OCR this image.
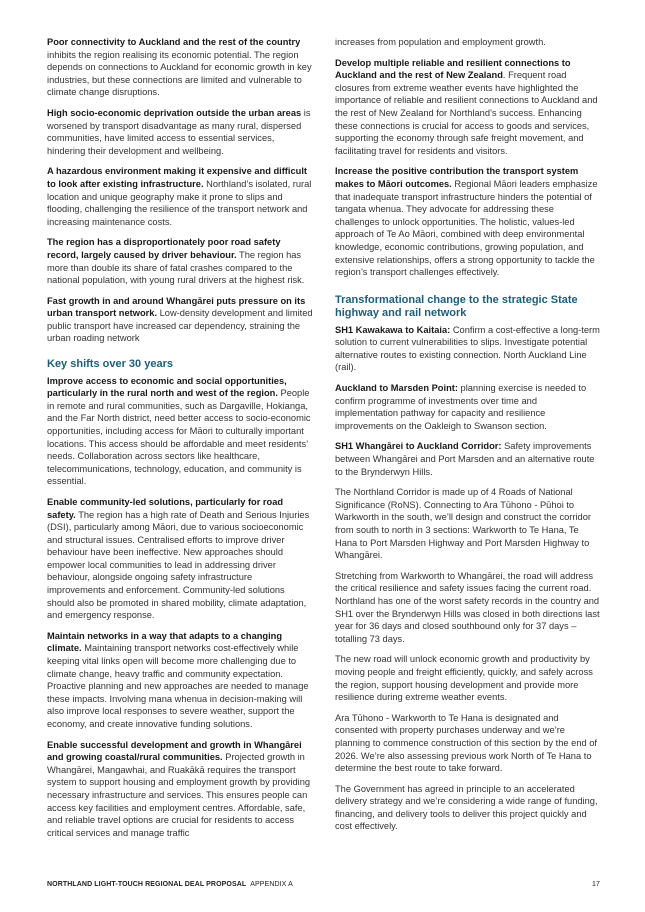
Poor connectivity to Auckland and the rest of the country inhibits the region realising its economic potential. The region depends on connections to Auckland for economic growth in key industries, but these connections are limited and vulnerable to climate change disruptions.

High socio-economic deprivation outside the urban areas is worsened by transport disadvantage as many rural, dispersed communities, have limited access to essential services, hindering their development and wellbeing.

A hazardous environment making it expensive and difficult to look after existing infrastructure. Northland’s isolated, rural location and unique geography make it prone to slips and flooding, challenging the resilience of the transport network and increasing maintenance costs.

The region has a disproportionately poor road safety record, largely caused by driver behaviour. The region has more than double its share of fatal crashes compared to the national population, with young rural drivers at the highest risk.

Fast growth in and around Whangārei puts pressure on its urban transport network. Low-density development and limited public transport have increased car dependency, straining the urban roading network

Key shifts over 30 years

Improve access to economic and social opportunities, particularly in the rural north and west of the region. People in remote and rural communities, such as Dargaville, Hokianga, and the Far North district, need better access to socio-economic opportunities, including access for Māori to culturally important locations. This access should be affordable and meet residents’ needs. Collaboration across sectors like healthcare, telecommunications, technology, education, and community is essential.

Enable community-led solutions, particularly for road safety. The region has a high rate of Death and Serious Injuries (DSI), particularly among Māori, due to various socioeconomic and structural issues. Centralised efforts to improve driver behaviour have been ineffective. New approaches should empower local communities to lead in addressing driver behaviour, alongside ongoing safety infrastructure improvements and enforcement. Community-led solutions should also be promoted in shared mobility, climate adaptation, and emergency response.

Maintain networks in a way that adapts to a changing climate. Maintaining transport networks cost-effectively while keeping vital links open will become more challenging due to climate change, heavy traffic and community expectation. Proactive planning and new approaches are needed to manage these impacts. Involving mana whenua in decision-making will also improve local responses to severe weather, support the economy, and create innovative funding solutions.

Enable successful development and growth in Whangārei and growing coastal/rural communities. Projected growth in Whangārei, Mangawhai, and Ruakākā requires the transport system to support housing and employment growth by providing necessary infrastructure and services. This ensures people can access key facilities and employment centres. Affordable, safe, and reliable travel options are crucial for residents to access critical services and manage traffic

increases from population and employment growth.

Develop multiple reliable and resilient connections to Auckland and the rest of New Zealand. Frequent road closures from extreme weather events have highlighted the importance of reliable and resilient connections to Auckland and the rest of New Zealand for Northland’s success. Enhancing these connections is crucial for access to goods and services, supporting the economy through safe freight movement, and facilitating travel for residents and visitors.

Increase the positive contribution the transport system makes to Māori outcomes. Regional Māori leaders emphasize that inadequate transport infrastructure hinders the potential of tangata whenua. They advocate for addressing these challenges to unlock opportunities. The holistic, values-led approach of Te Ao Māori, combined with deep environmental knowledge, economic contributions, growing population, and extensive relationships, offers a strong opportunity to tackle the region’s transport challenges effectively.

Transformational change to the strategic State highway and rail network

SH1 Kawakawa to Kaitaia: Confirm a cost-effective a long-term solution to current vulnerabilities to slips. Investigate potential alternative routes to existing connection. North Auckland Line (rail).

Auckland to Marsden Point: planning exercise is needed to confirm programme of investments over time and implementation pathway for capacity and resilience improvements on the Oakleigh to Swanson section.

SH1 Whangārei to Auckland Corridor: Safety improvements between Whangārei and Port Marsden and an alternative route to the Brynderwyn Hills.

The Northland Corridor is made up of 4 Roads of National Significance (RoNS). Connecting to Ara Tūhono - Pūhoi to Warkworth in the south, we’ll design and construct the corridor from south to north in 3 sections: Warkworth to Te Hana, Te Hana to Port Marsden Highway and Port Marsden Highway to Whangārei.

Stretching from Warkworth to Whangārei, the road will address the critical resilience and safety issues facing the current road. Northland has one of the worst safety records in the country and SH1 over the Brynderwyn Hills was closed in both directions last year for 36 days and closed southbound only for 37 days – totalling 73 days.

The new road will unlock economic growth and productivity by moving people and freight efficiently, quickly, and safely across the region, support housing development and provide more resilience during extreme weather events.

Ara Tūhono - Warkworth to Te Hana is designated and consented with property purchases underway and we’re planning to commence construction of this section by the end of 2026. We’re also assessing previous work North of Te Hana to determine the best route to take forward.

The Government has agreed in principle to an accelerated delivery strategy and we’re considering a wide range of funding, financing, and delivery tools to deliver this project quickly and cost effectively.

NORTHLAND LIGHT-TOUCH REGIONAL DEAL PROPOSAL APPENDIX A	17
